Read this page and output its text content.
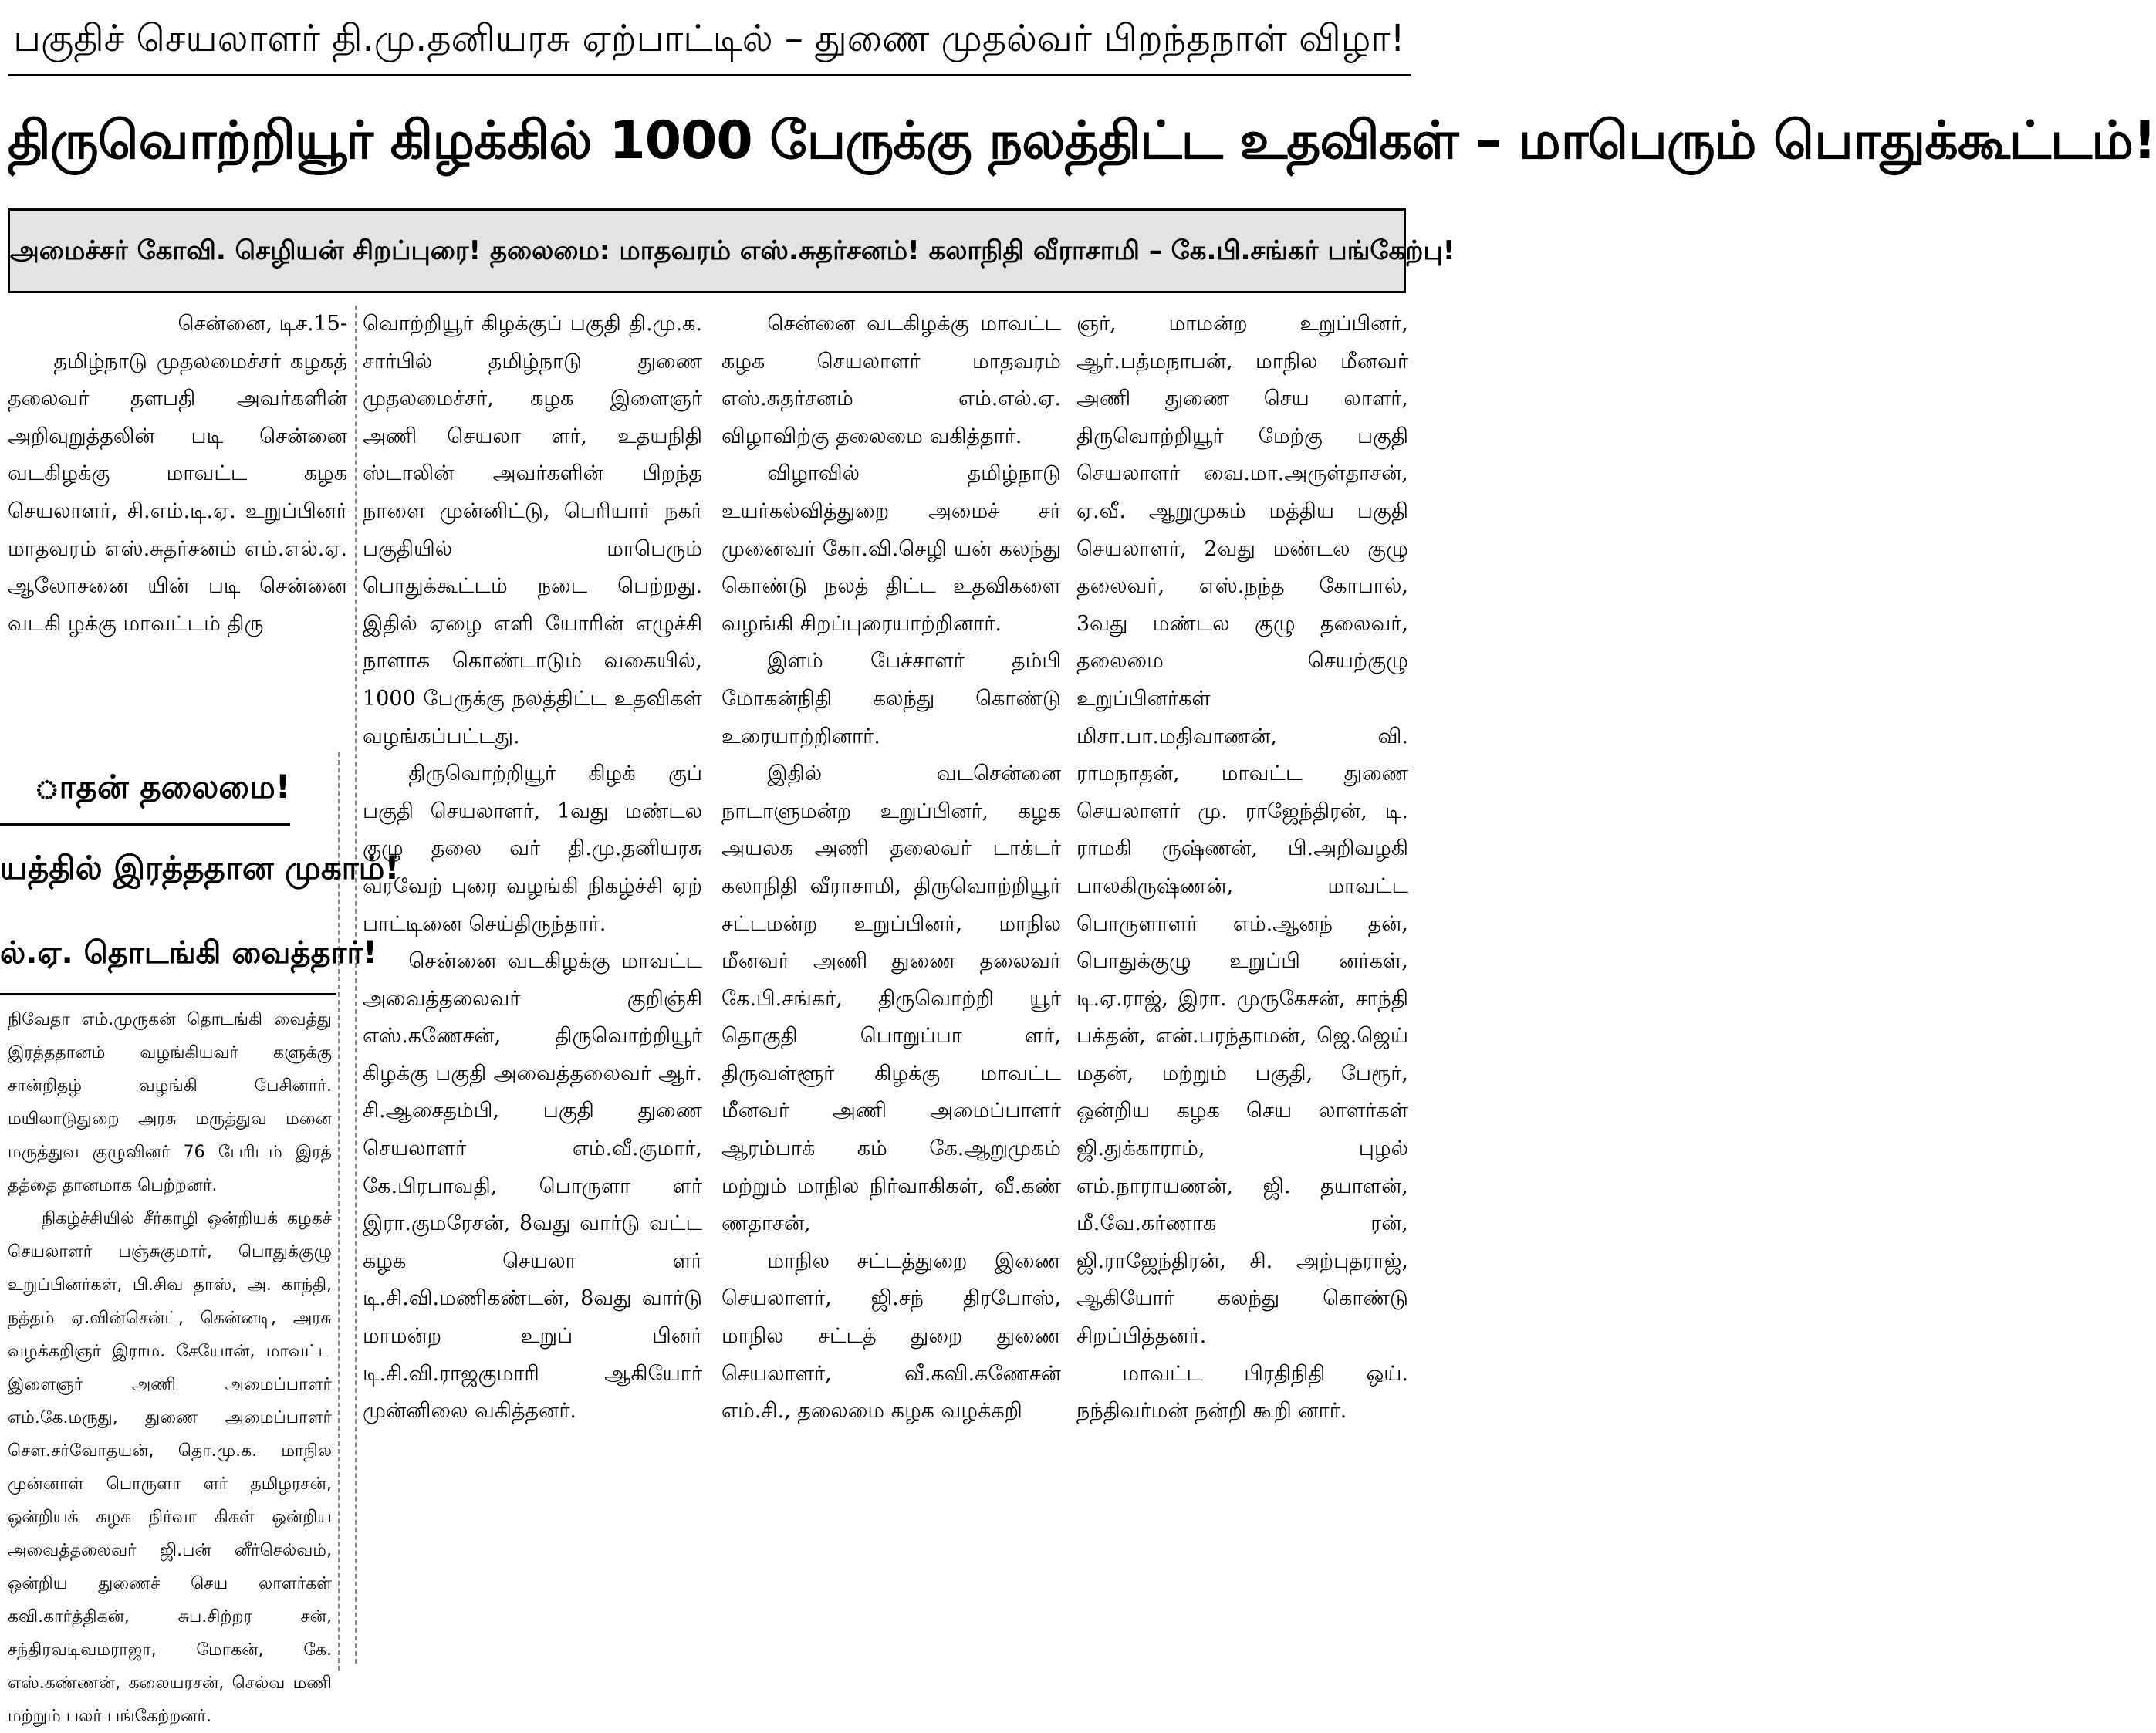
பகுதிச் செயலாளர் தி.மு.தனியரசு ஏற்பாட்டில் – துணை முதல்வர் பிறந்தநாள் விழா!
திருவொற்றியூர் கிழக்கில் 1000 பேருக்கு நலத்திட்ட உதவிகள் – மாபெரும் பொதுக்கூட்டம்!
அமைச்சர் கோவி. செழியன் சிறப்புரை! தலைமை: மாதவரம் எஸ்.சுதர்சனம்! கலாநிதி வீராசாமி – கே.பி.சங்கர் பங்கேற்பு!

சென்னை, டிச.15-

தமிழ்நாடு முதலமைச்சர் கழகத் தலைவர் தளபதி அவர்களின் அறிவுறுத்தலின் படி சென்னை வடகிழக்கு மாவட்ட கழக செயலாளர், சி.எம்.டி.ஏ. உறுப்பினர் மாதவரம் எஸ்.சுதர்சனம் எம்.எல்.ஏ. ஆலோசனை யின் படி சென்னை வடகி ழக்கு மாவட்டம் திரு

வொற்றியூர் கிழக்குப் பகுதி தி.மு.க. சார்பில் தமிழ்நாடு துணை முதலமைச்சர், கழக இளைஞர் அணி செயலா ளர், உதயநிதி ஸ்டாலின் அவர்களின் பிறந்த நாளை முன்னிட்டு, பெரியார் நகர் பகுதியில் மாபெரும் பொதுக்கூட்டம் நடை பெற்றது. இதில் ஏழை எளி யோரின் எழுச்சி நாளாக கொண்டாடும் வகையில், 1000 பேருக்கு நலத்திட்ட உதவிகள் வழங்கப்பட்டது.

திருவொற்றியூர் கிழக் குப் பகுதி செயலாளர், 1வது மண்டல குழு தலை வர் தி.மு.தனியரசு வரவேற் புரை வழங்கி நிகழ்ச்சி ஏற் பாட்டினை செய்திருந்தார்.

சென்னை வடகிழக்கு மாவட்ட அவைத்தலைவர் குறிஞ்சி எஸ்.கணேசன், திருவொற்றியூர் கிழக்கு பகுதி அவைத்தலைவர் ஆர். சி.ஆசைதம்பி, பகுதி துணை செயலாளர் எம்.வீ.குமார், கே.பிரபாவதி, பொருளா ளர் இரா.குமரேசன், 8வது வார்டு வட்ட கழக செயலா ளர் டி.சி.வி.மணிகண்டன், 8வது வார்டு மாமன்ற உறுப் பினர் டி.சி.வி.ராஜகுமாரி ஆகியோர் முன்னிலை வகித்தனர்.

சென்னை வடகிழக்கு மாவட்ட கழக செயலாளர் மாதவரம் எஸ்.சுதர்சனம் எம்.எல்.ஏ. விழாவிற்கு தலைமை வகித்தார்.

விழாவில் தமிழ்நாடு உயர்கல்வித்துறை அமைச் சர் முனைவர் கோ.வி.செழி யன் கலந்து கொண்டு நலத் திட்ட உதவிகளை வழங்கி சிறப்புரையாற்றினார்.

இளம் பேச்சாளர் தம்பி மோகன்நிதி கலந்து கொண்டு உரையாற்றினார்.

இதில் வடசென்னை நாடாளுமன்ற உறுப்பினர், கழக அயலக அணி தலைவர் டாக்டர் கலாநிதி வீராசாமி, திருவொற்றியூர் சட்டமன்ற உறுப்பினர், மாநில மீனவர் அணி துணை தலைவர் கே.பி.சங்கர், திருவொற்றி யூர் தொகுதி பொறுப்பா ளர், திருவள்ளூர் கிழக்கு மாவட்ட மீனவர் அணி அமைப்பாளர் ஆரம்பாக் கம் கே.ஆறுமுகம் மற்றும் மாநில நிர்வாகிகள், வீ.கண் ணதாசன்,

மாநில சட்டத்துறை இணை செயலாளர், ஜி.சந் திரபோஸ், மாநில சட்டத் துறை துணை செயலாளர், வீ.கவி.கணேசன் எம்.சி., தலைமை கழக வழக்கறி

ஞர், மாமன்ற உறுப்பினர், ஆர்.பத்மநாபன், மாநில மீனவர் அணி துணை செய லாளர், திருவொற்றியூர் மேற்கு பகுதி செயலாளர் வை.மா.அருள்தாசன், ஏ.வீ. ஆறுமுகம் மத்திய பகுதி செயலாளர், 2வது மண்டல குழு தலைவர், எஸ்.நந்த கோபால், 3வது மண்டல குழு தலைவர், தலைமை செயற்குழு உறுப்பினர்கள் மிசா.பா.மதிவாணன், வி. ராமநாதன், மாவட்ட துணை செயலாளர் மு. ராஜேந்திரன், டி. ராமகி ருஷ்ணன், பி.அறிவழகி பாலகிருஷ்ணன், மாவட்ட பொருளாளர் எம்.ஆனந் தன், பொதுக்குழு உறுப்பி னர்கள், டி.ஏ.ராஜ், இரா. முருகேசன், சாந்தி பக்தன், என்.பரந்தாமன், ஜெ.ஜெய் மதன், மற்றும் பகுதி, பேரூர், ஒன்றிய கழக செய லாளர்கள் ஜி.துக்காராம், புழல் எம்.நாராயணன், ஜி. தயாளன், மீ.வே.கர்ணாக ரன், ஜி.ராஜேந்திரன், சி. அற்புதராஜ், ஆகியோர் கலந்து கொண்டு சிறப்பித்தனர்.

மாவட்ட பிரதிநிதி ஒய். நந்திவர்மன் நன்றி கூறி னார்.

ாதன் தலைமை!
யத்தில் இரத்ததான முகாம்!
ல்.ஏ. தொடங்கி வைத்தார்!

நிவேதா எம்.முருகன் தொடங்கி வைத்து இரத்ததானம் வழங்கியவர் களுக்கு சான்றிதழ் வழங்கி பேசினார். மயிலாடுதுறை அரசு மருத்துவ மனை மருத்துவ குழுவினர் 76 பேரிடம் இரத் தத்தை தானமாக பெற்றனர்.

நிகழ்ச்சியில் சீர்காழி ஒன்றியக் கழகச் செயலாளர் பஞ்சுகுமார், பொதுக்குழு உறுப்பினர்கள், பி.சிவ தாஸ், அ. காந்தி, நத்தம் ஏ.வின்சென்ட், கென்னடி, அரசு வழக்கறிஞர் இராம. சேயோன், மாவட்ட இளைஞர் அணி அமைப்பாளர் எம்.கே.மருது, துணை அமைப்பாளர் சௌ.சர்வோதயன், தொ.மு.க. மாநில முன்னாள் பொருளா ளர் தமிழரசன், ஒன்றியக் கழக நிர்வா கிகள் ஒன்றிய அவைத்தலைவர் ஜி.பன் னீர்செல்வம், ஒன்றிய துணைச் செய லாளர்கள் கவி.கார்த்திகன், சுப.சிற்றர சன், சந்திரவடிவமராஜா, மோகன், கே. எஸ்.கண்ணன், கலையரசன், செல்வ மணி மற்றும் பலர் பங்கேற்றனர்.
